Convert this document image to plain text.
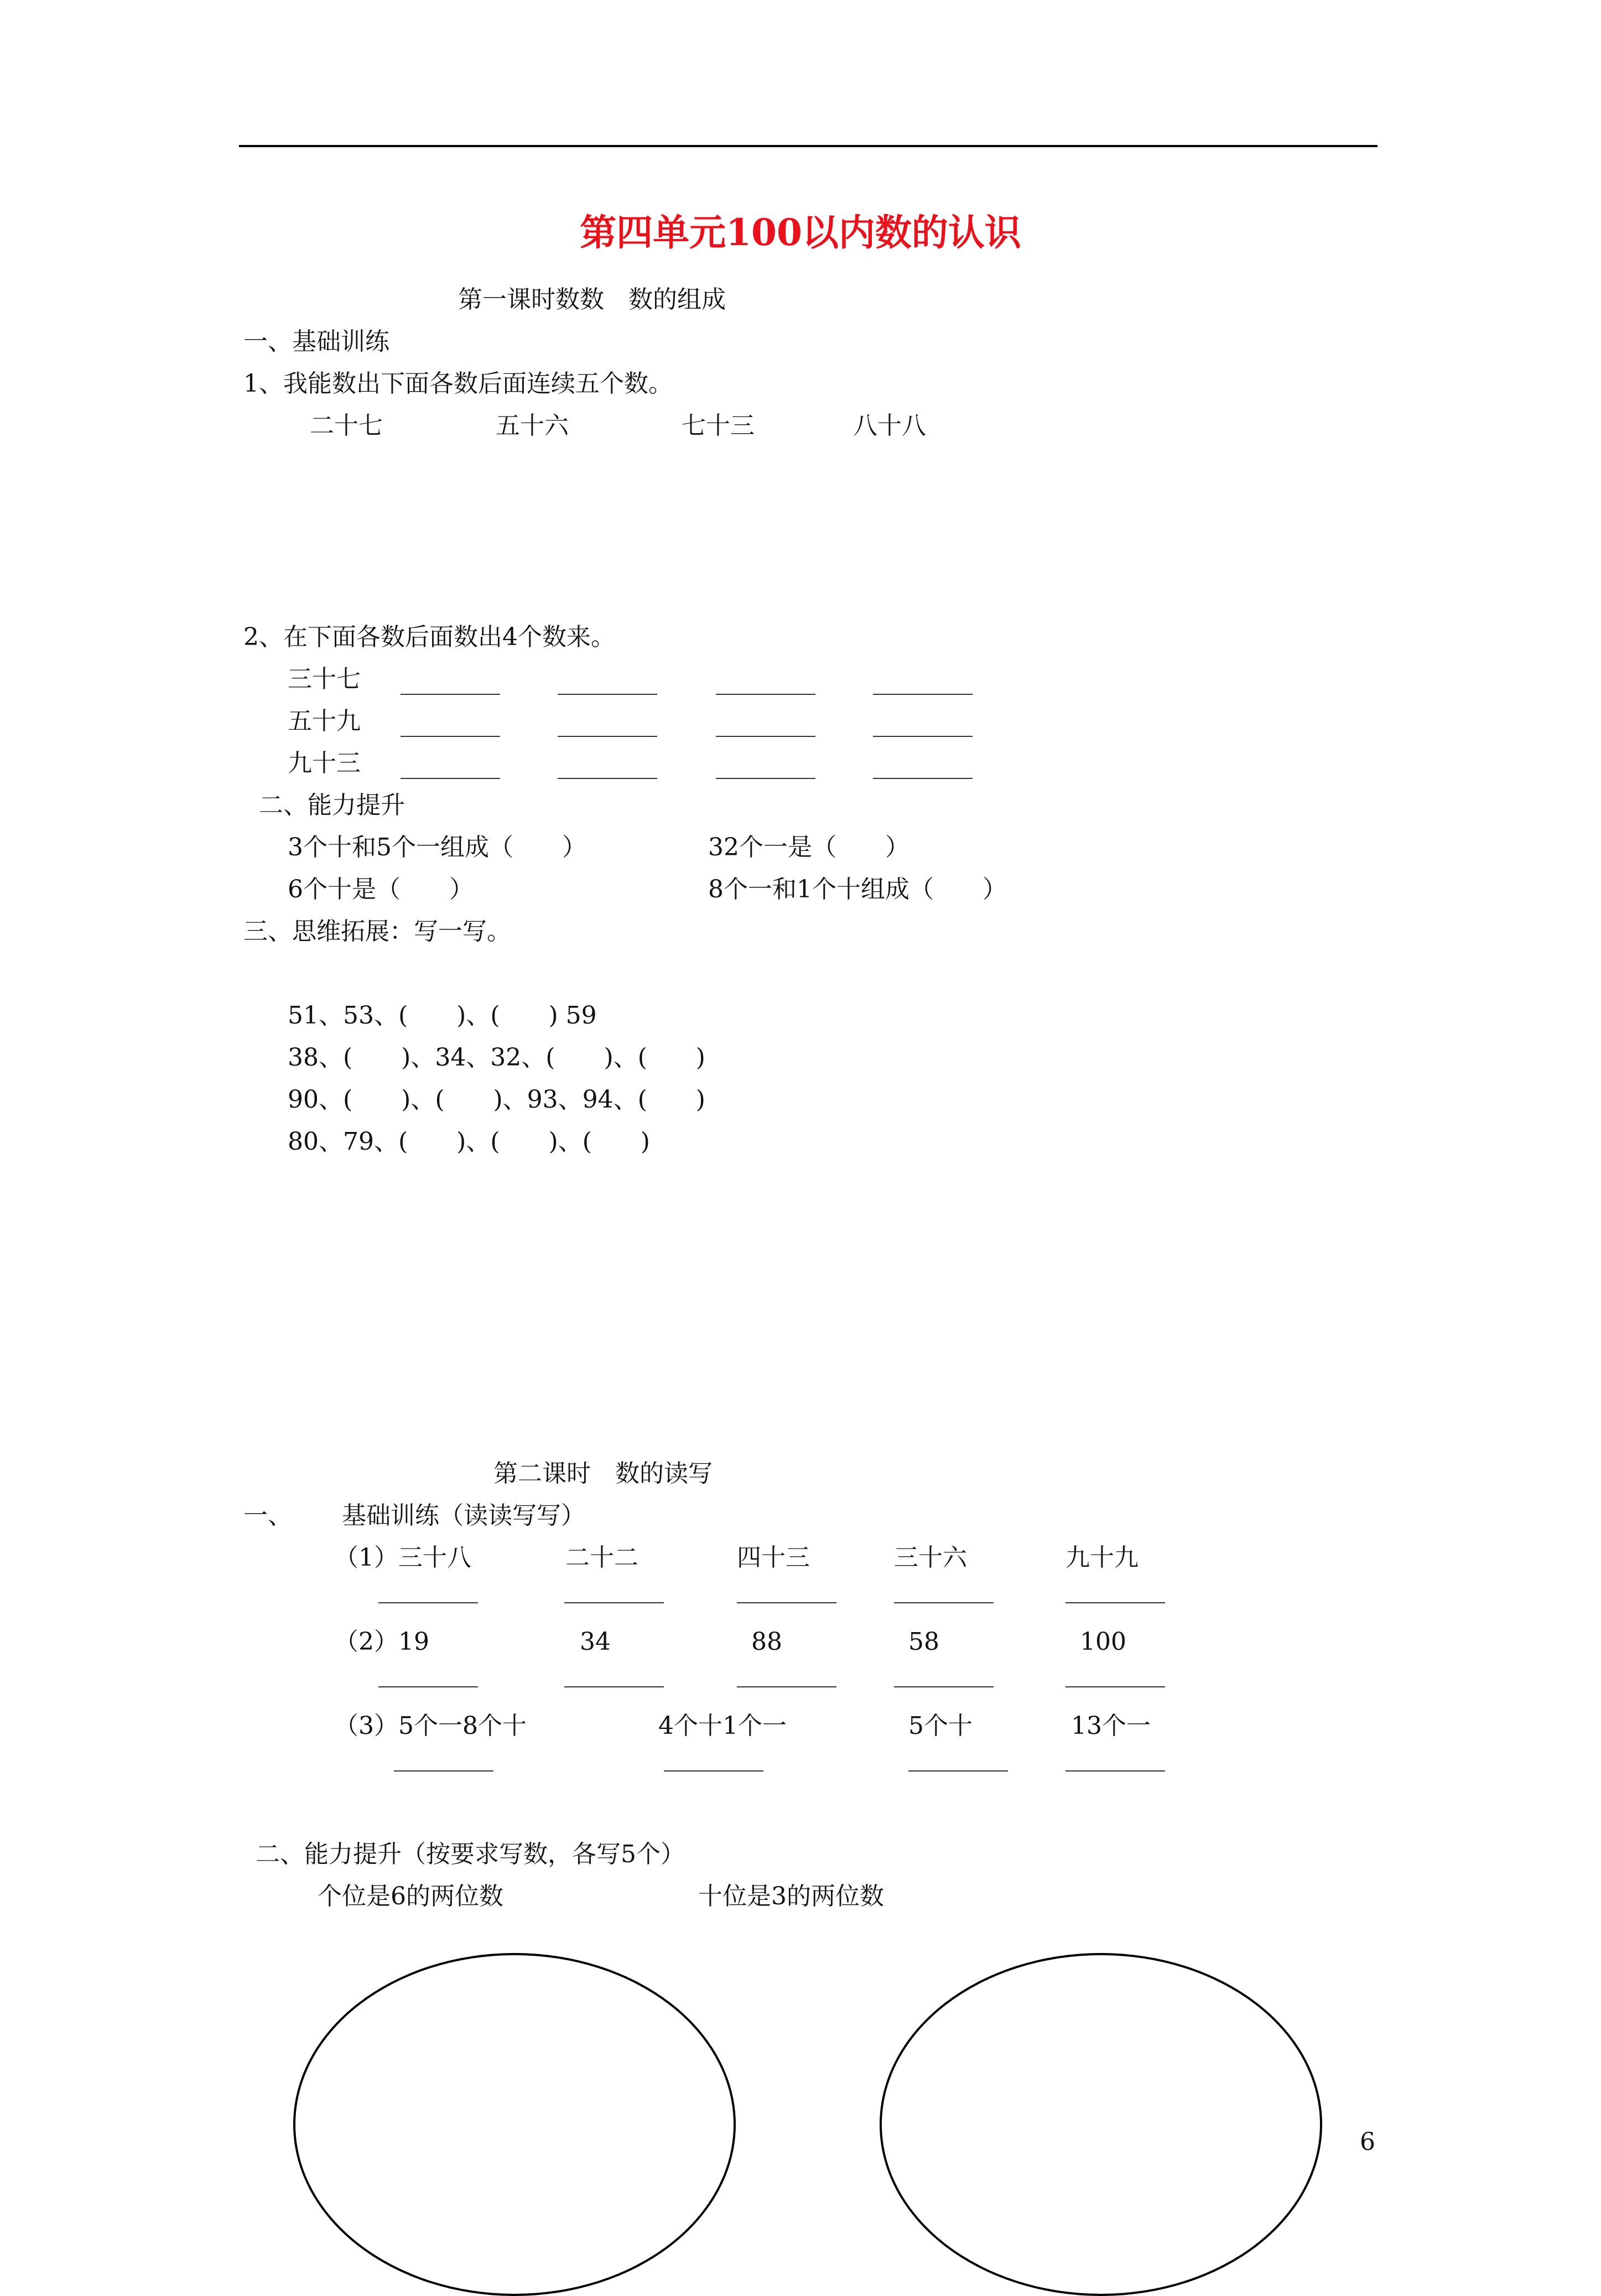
第四单元100以内数的认识
第一课时数数　数的组成
一、基础训练
1、我能数出下面各数后面连续五个数。
二十七	五十六	七十三	八十八
2、在下面各数后面数出4个数来。
三十七
五十九
九十三
二、能力提升
3个十和5个一组成（　　）	32个一是（　　）
6个十是（　　）	8个一和1个十组成（　　）
三、思维拓展：写一写。
51、53、(　　)、(　　) 59
38、(　　)、34、32、(　　)、(　　)
90、(　　)、(　　)、93、94、(　　)
80、79、(　　)、(　　)、(　　)
第二课时　数的读写
一、 基础训练（读读写写）
（1）三十八	二十二	四十三	三十六	九十九
（2）19	34	88	58	100
（3）5个一8个十	4个十1个一	5个十	13个一
二、能力提升（按要求写数，各写5个）
个位是6的两位数	十位是3的两位数
6
